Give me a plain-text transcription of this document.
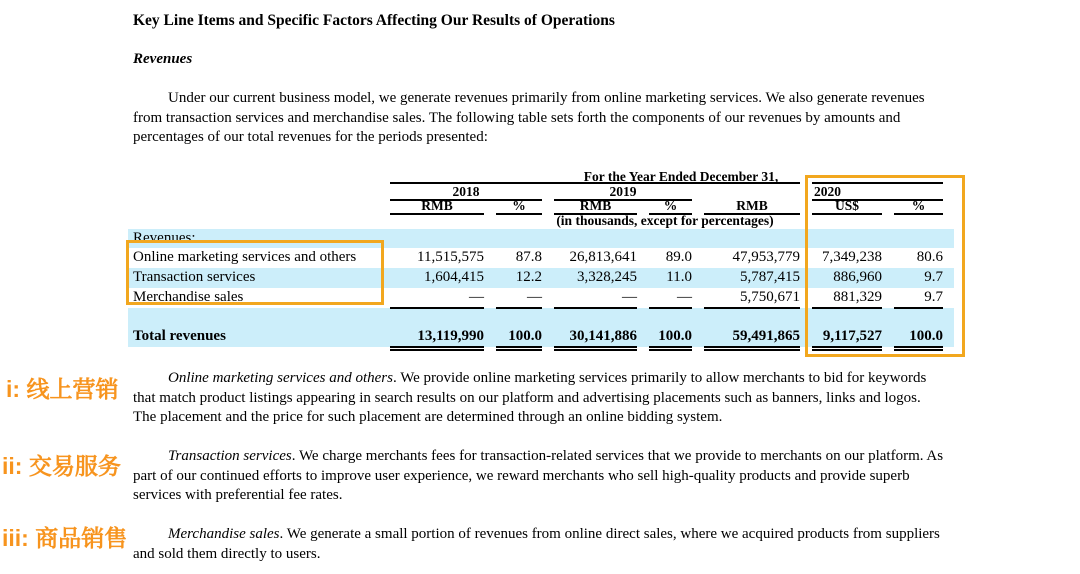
Key Line Items and Specific Factors Affecting Our Results of Operations
Revenues
Under our current business model, we generate revenues primarily from online marketing services. We also generate revenues from transaction services and merchandise sales. The following table sets forth the components of our revenues by amounts and percentages of our total revenues for the periods presented:
For the Year Ended December 31,
2018	2019	2020
RMB	%	RMB	%	RMB	US$	%
(in thousands, except for percentages)
Revenues:
Online marketing services and others	11,515,575	87.8	26,813,641	89.0	47,953,779	7,349,238	80.6
Transaction services	1,604,415	12.2	3,328,245	11.0	5,787,415	886,960	9.7
Merchandise sales	—	—	—	—	5,750,671	881,329	9.7
Total revenues	13,119,990	100.0	30,141,886	100.0	59,491,865	9,117,527	100.0
Online marketing services and others. We provide online marketing services primarily to allow merchants to bid for keywords that match product listings appearing in search results on our platform and advertising placements such as banners, links and logos. The placement and the price for such placement are determined through an online bidding system.
Transaction services. We charge merchants fees for transaction-related services that we provide to merchants on our platform. As part of our continued efforts to improve user experience, we reward merchants who sell high-quality products and provide superb services with preferential fee rates.
Merchandise sales. We generate a small portion of revenues from online direct sales, where we acquired products from suppliers and sold them directly to users.
i: 线上营销
ii: 交易服务
iii: 商品销售
